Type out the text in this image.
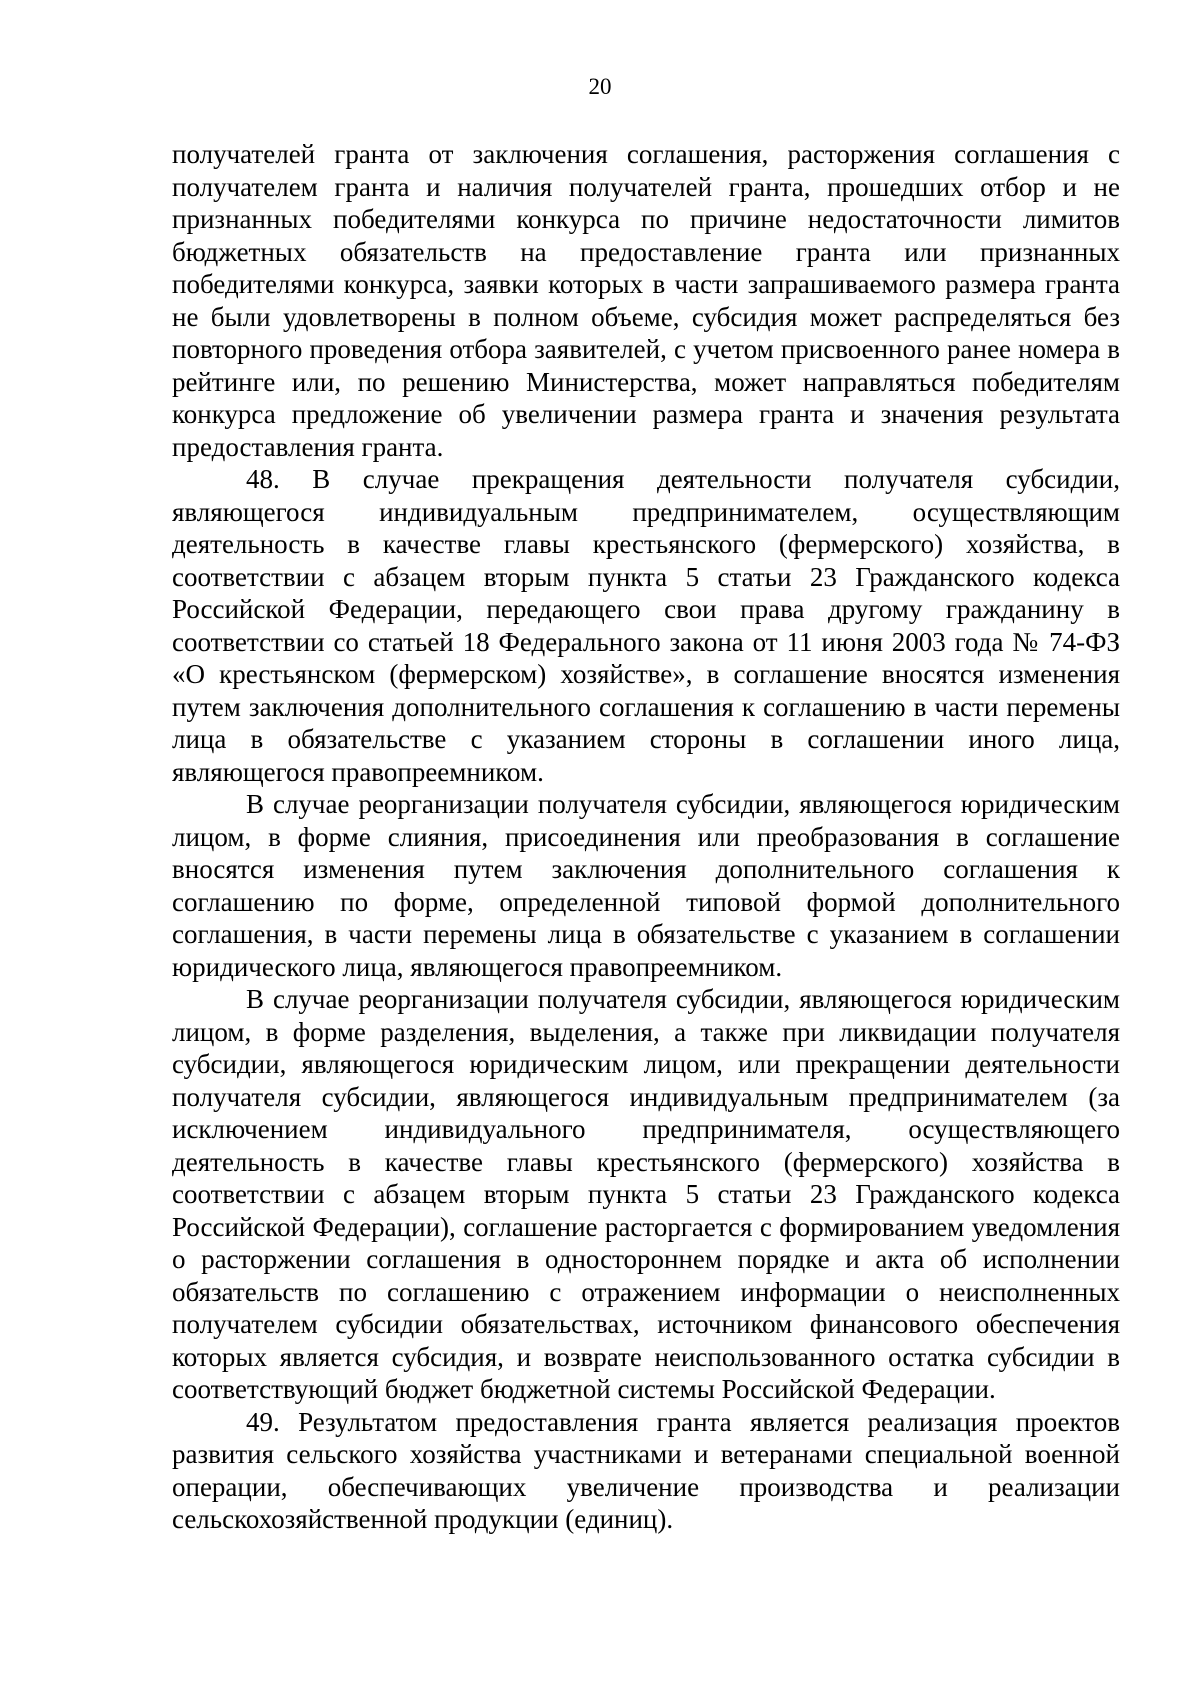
20

получателей гранта от заключения соглашения, расторжения соглашения с получателем гранта и наличия получателей гранта, прошедших отбор и не признанных победителями конкурса по причине недостаточности лимитов бюджетных обязательств на предоставление гранта или признанных победителями конкурса, заявки которых в части запрашиваемого размера гранта не были удовлетворены в полном объеме, субсидия может распределяться без повторного проведения отбора заявителей, с учетом присвоенного ранее номера в рейтинге или, по решению Министерства, может направляться победителям конкурса предложение об увеличении размера гранта и значения результата предоставления гранта.

48. В случае прекращения деятельности получателя субсидии, являющегося индивидуальным предпринимателем, осуществляющим деятельность в качестве главы крестьянского (фермерского) хозяйства, в соответствии с абзацем вторым пункта 5 статьи 23 Гражданского кодекса Российской Федерации, передающего свои права другому гражданину в соответствии со статьей 18 Федерального закона от 11 июня 2003 года № 74-ФЗ «О крестьянском (фермерском) хозяйстве», в соглашение вносятся изменения путем заключения дополнительного соглашения к соглашению в части перемены лица в обязательстве с указанием стороны в соглашении иного лица, являющегося правопреемником.

В случае реорганизации получателя субсидии, являющегося юридическим лицом, в форме слияния, присоединения или преобразования в соглашение вносятся изменения путем заключения дополнительного соглашения к соглашению по форме, определенной типовой формой дополнительного соглашения, в части перемены лица в обязательстве с указанием в соглашении юридического лица, являющегося правопреемником.

В случае реорганизации получателя субсидии, являющегося юридическим лицом, в форме разделения, выделения, а также при ликвидации получателя субсидии, являющегося юридическим лицом, или прекращении деятельности получателя субсидии, являющегося индивидуальным предпринимателем (за исключением индивидуального предпринимателя, осуществляющего деятельность в качестве главы крестьянского (фермерского) хозяйства в соответствии с абзацем вторым пункта 5 статьи 23 Гражданского кодекса Российской Федерации), соглашение расторгается с формированием уведомления о расторжении соглашения в одностороннем порядке и акта об исполнении обязательств по соглашению с отражением информации о неисполненных получателем субсидии обязательствах, источником финансового обеспечения которых является субсидия, и возврате неиспользованного остатка субсидии в соответствующий бюджет бюджетной системы Российской Федерации.

49. Результатом предоставления гранта является реализация проектов развития сельского хозяйства участниками и ветеранами специальной военной операции, обеспечивающих увеличение производства и реализации сельскохозяйственной продукции (единиц).
